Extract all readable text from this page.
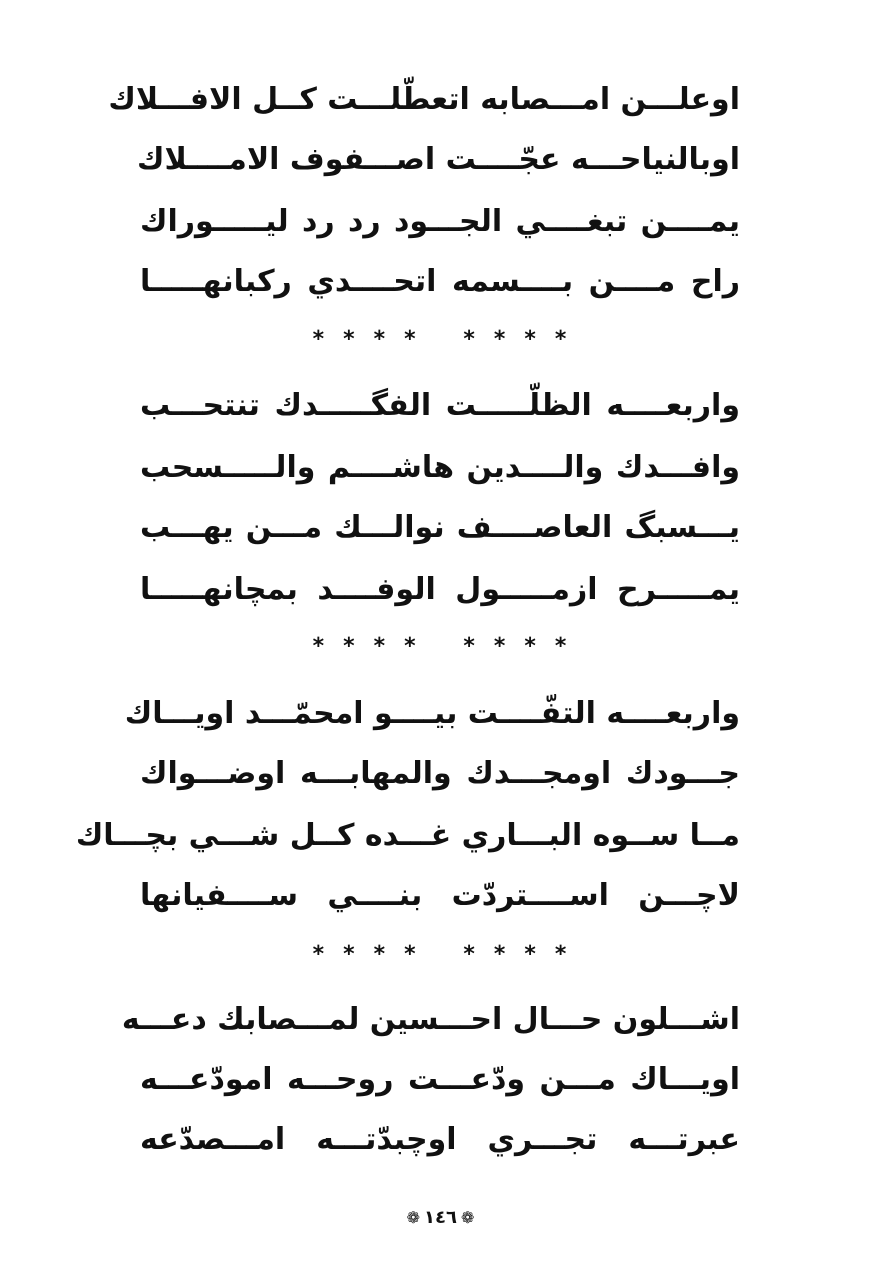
اوعلـــن امـــصابه اتعطّلـــت كــل الافـــلاك
اوبالنياحـــه عجّــــت اصـــفوف الامــــلاك
يمــــن تبغــــي الجـــود رد رد ليـــــوراك
راح مــــن بــــسمه اتحــــدي ركبانهـــــا
* * * * * * * *
واربعــــه الظلّـــــت الفگـــــدك تنتحـــب
وافـــدك والــــدين هاشــــم والـــــسحب
يـــسبگ العاصــــف نوالـــك مـــن يهـــب
يمـــــرح ازمـــــول الوفــــد بمچانهـــــا
* * * * * * * *
واربعــــه التفّــــت بيــــو امحمّـــد اويـــاك
جـــودك اومجـــدك والمهابـــه اوضـــواك
مــا ســوه البـــاري غـــده كــل شـــي بچـــاك
لاچـــن اســــتردّت بنــــي ســــفيانها
* * * * * * * *
اشـــلون حـــال احـــسين لمـــصابك دعـــه
اويـــاك مـــن ودّعـــت روحـــه امودّعـــه
عبرتـــه تجـــري اوچبدّتـــه امـــصدّعه
❁ ١٤٦ ❁
